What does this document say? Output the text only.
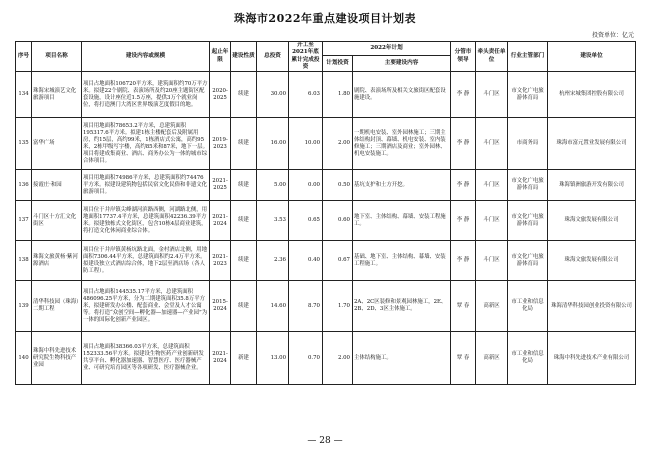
珠海市2022年重点建设项目计划表
投资单位：亿元
序号	项目名称	建设内容或规模	起止年限	建设性质	总投资	开工至2021年底累计完成投资	2022年计划		分管市领导	牵头责任单位	行业主管部门	建设单位
							计划投资	主要建设内容				
134	珠海宋城演艺文化旅游项目	项目占地面积106720平方米，建筑面积约70万平方米。拟建22个剧院、表演场所及约20座主题街区配套设施，设计座位近1.5万座，提供3万个就业岗位，将打造澳门大湾区世界级演艺度假目的地。	2020-2025	续建	30.00	6.03	1.80	剧院、表演场所及相关文旅街区配套设施建设。	李 静	斗门区	市文化广电旅游体育局	杭州宋城集团控股有限公司
135	富华广场	项目用地面积78653.2平方米，总建筑面积195317.6平方米。拟建1栋主楼配套后及附属用房，约15层，高约99米，1栋酒店式公寓，高约95米，2栋甲级写字楼，高约85米和87米，地下一层。项目将建成集商业、酒店、商务办公为一体的城市综合体项目。	2019-2023	续建	16.00	10.00	2.00	一期机电安装、室外园林施工；三期主体结构封顶、幕墙、机电安装、室内装修施工；三期酒店及商业；室外园林、机电安装施工。	李 静	斗门区	市商务局	珠海市富元置业发展有限公司
136	接霞庄·和园	项目用地面积74986平方米，总建筑面积约74476平方米。拟建设建筑物包括民宿文化民俗和非遗文化旅游项目。	2021-2025	续建	5.00	0.00	0.50	基坑支护和土方开挖。	李 静	斗门区	市文化广电旅游体育局	珠海镇洲旅游开发有限公司
137	斗门区十方汇文化街区	项目位于井岸镇尖峰湖河滨路西侧，河湖路北侧，用地面积17737.4平方米，总建筑面积42236.39平方米。拟建独栋式文化街区，包含10栋4层商业建筑，将打造文化休闲商业综合体。	2021-2024	续建	3.53	0.65	0.60	地下室、主体结构、幕墙、安装工程施工。	李 静	斗门区	市文化广电旅游体育局	珠海文旅发展有限公司
138	珠海文旅黄杨·紫河源酒店	项目位于井岸镇黄杨坑路北面，金村酒店北侧，用地面积7306.44平方米，总建筑面积约2.4万平方米。拟建设独立式酒店综合体，地下2层至酒店场（各人防工程）。	2021-2023	续建	2.36	0.40	0.67	基础、地下室、主体结构、幕墙、安装工程施工。	李 静	斗门区	市文化广电旅游体育局	珠海文旅发展有限公司
139	清华科技园（珠海）二期工程	项目占地面积144535.17平方米，总建筑面积486096.25平方米，分为二期建筑面积35.8万平方米，拟建研发办公楼、配套商业、会堂及人才公寓等。将打造“众创空间—孵化器—加速器—产业园”为一体的国际化创新产业园区。	2015-2024	续建	14.60	8.70	1.70	2A、2C区装修和景观园林施工，2E、2B、2D、3区主体施工。	覃 春	高新区	市工业和信息化局	珠海清华科技园创业投资有限公司
140	珠海中科先进技术研究院生物科技产业园	项目占地面积38366.03平方米，总建筑面积152333.56平方米。拟建设生物医药产业创新研发共享平台、孵化器加速器、智慧医疗、医疗器械产业、可研究培育园区等各项研发、医疗器械企业。	2021-2024	新建	13.00	0.70	2.00	主体结构施工。	覃 春	高新区	市工业和信息化局	珠海中科先进技术产业有限公司
— 28 —
